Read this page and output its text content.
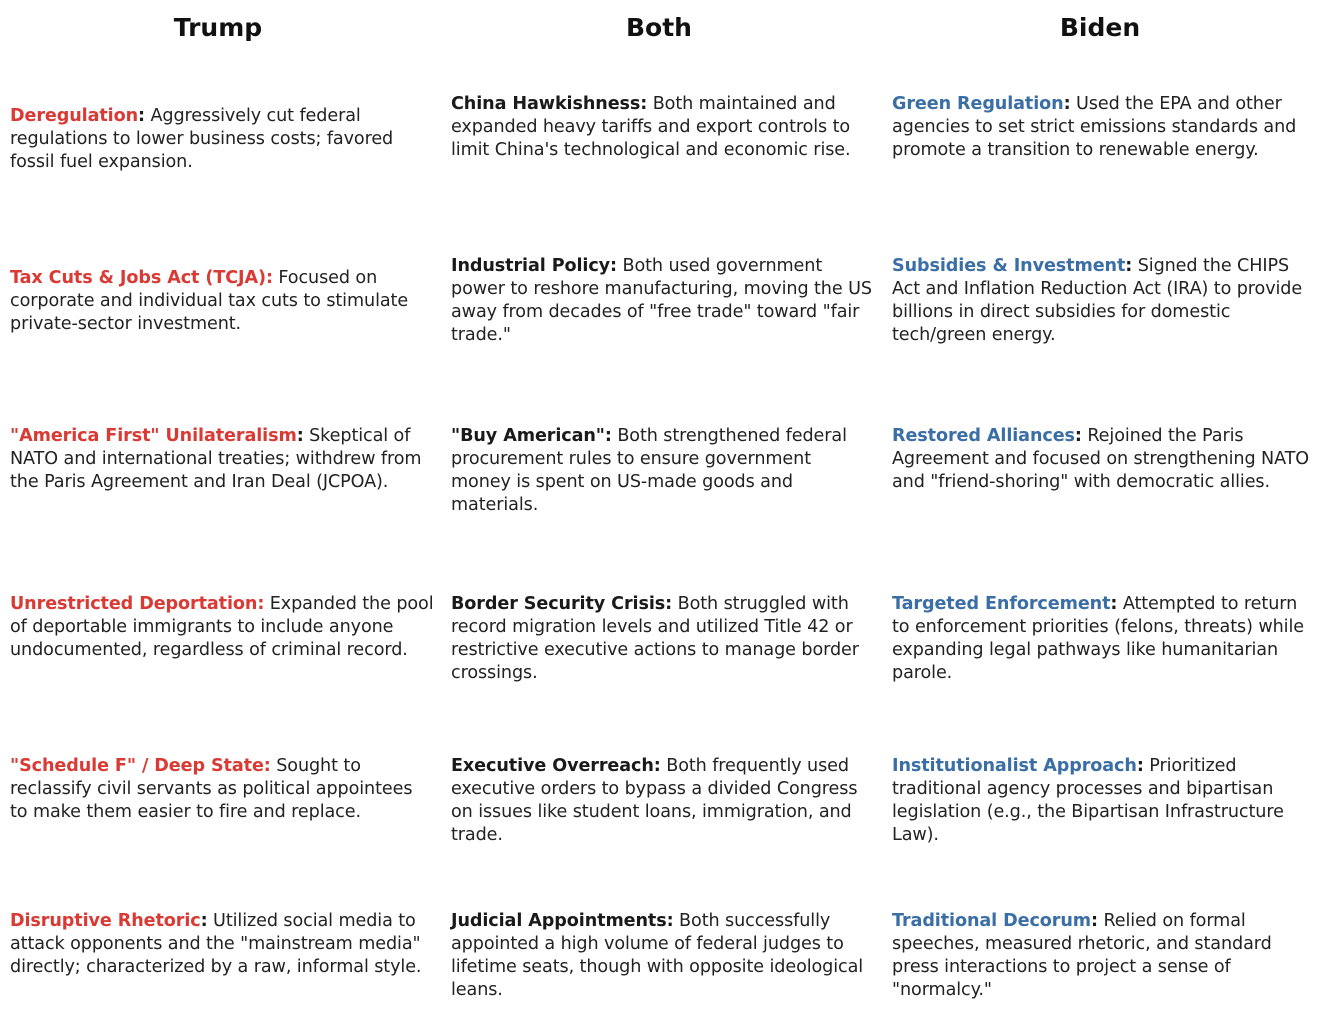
Trump	Both	Biden
Deregulation: Aggressively cut federal regulations to lower business costs; favored fossil fuel expansion.
Tax Cuts & Jobs Act (TCJA): Focused on corporate and individual tax cuts to stimulate private-sector investment.
"America First" Unilateralism: Skeptical of NATO and international treaties; withdrew from the Paris Agreement and Iran Deal (JCPOA).
Unrestricted Deportation: Expanded the pool of deportable immigrants to include anyone undocumented, regardless of criminal record.
"Schedule F" / Deep State: Sought to reclassify civil servants as political appointees to make them easier to fire and replace.
Disruptive Rhetoric: Utilized social media to attack opponents and the "mainstream media" directly; characterized by a raw, informal style.
China Hawkishness: Both maintained and expanded heavy tariffs and export controls to limit China's technological and economic rise.
Industrial Policy: Both used government power to reshore manufacturing, moving the US away from decades of "free trade" toward "fair trade."
"Buy American": Both strengthened federal procurement rules to ensure government money is spent on US-made goods and materials.
Border Security Crisis: Both struggled with record migration levels and utilized Title 42 or restrictive executive actions to manage border crossings.
Executive Overreach: Both frequently used executive orders to bypass a divided Congress on issues like student loans, immigration, and trade.
Judicial Appointments: Both successfully appointed a high volume of federal judges to lifetime seats, though with opposite ideological leans.
Green Regulation: Used the EPA and other agencies to set strict emissions standards and promote a transition to renewable energy.
Subsidies & Investment: Signed the CHIPS Act and Inflation Reduction Act (IRA) to provide billions in direct subsidies for domestic tech/green energy.
Restored Alliances: Rejoined the Paris Agreement and focused on strengthening NATO and "friend-shoring" with democratic allies.
Targeted Enforcement: Attempted to return to enforcement priorities (felons, threats) while expanding legal pathways like humanitarian parole.
Institutionalist Approach: Prioritized traditional agency processes and bipartisan legislation (e.g., the Bipartisan Infrastructure Law).
Traditional Decorum: Relied on formal speeches, measured rhetoric, and standard press interactions to project a sense of "normalcy."
